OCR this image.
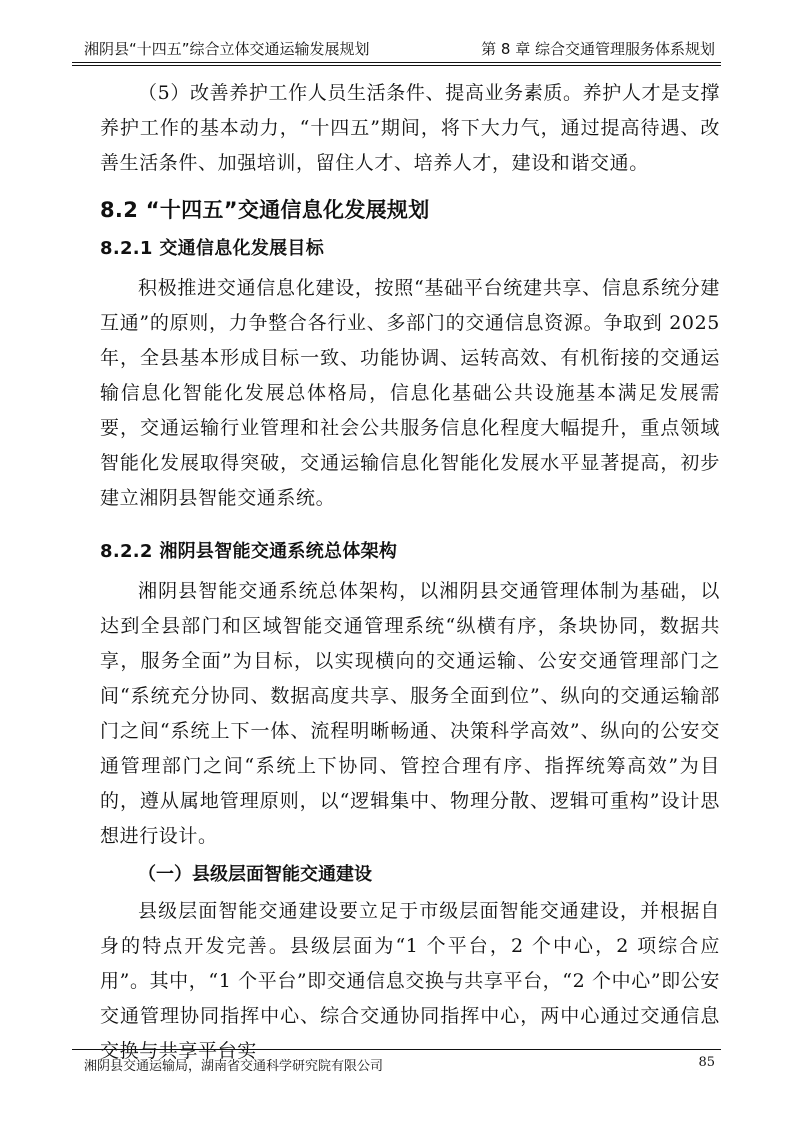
湘阴县“十四五”综合立体交通运输发展规划	第 8 章 综合交通管理服务体系规划

（5）改善养护工作人员生活条件、提高业务素质。养护人才是支撑养护工作的基本动力，“十四五”期间，将下大力气，通过提高待遇、改善生活条件、加强培训，留住人才、培养人才，建设和谐交通。

8.2 “十四五”交通信息化发展规划
8.2.1 交通信息化发展目标

积极推进交通信息化建设，按照“基础平台统建共享、信息系统分建互通”的原则，力争整合各行业、多部门的交通信息资源。争取到 2025 年，全县基本形成目标一致、功能协调、运转高效、有机衔接的交通运输信息化智能化发展总体格局，信息化基础公共设施基本满足发展需要，交通运输行业管理和社会公共服务信息化程度大幅提升，重点领域智能化发展取得突破，交通运输信息化智能化发展水平显著提高，初步建立湘阴县智能交通系统。

8.2.2 湘阴县智能交通系统总体架构

湘阴县智能交通系统总体架构，以湘阴县交通管理体制为基础，以达到全县部门和区域智能交通管理系统“纵横有序，条块协同，数据共享，服务全面”为目标，以实现横向的交通运输、公安交通管理部门之间“系统充分协同、数据高度共享、服务全面到位”、纵向的交通运输部门之间“系统上下一体、流程明晰畅通、决策科学高效”、纵向的公安交通管理部门之间“系统上下协同、管控合理有序、指挥统筹高效”为目的，遵从属地管理原则，以“逻辑集中、物理分散、逻辑可重构”设计思想进行设计。

（一）县级层面智能交通建设

县级层面智能交通建设要立足于市级层面智能交通建设，并根据自身的特点开发完善。县级层面为“1 个平台，2 个中心，2 项综合应用”。其中，“1 个平台”即交通信息交换与共享平台，“2 个中心”即公安交通管理协同指挥中心、综合交通协同指挥中心，两中心通过交通信息交换与共享平台实

湘阴县交通运输局，湖南省交通科学研究院有限公司	85
